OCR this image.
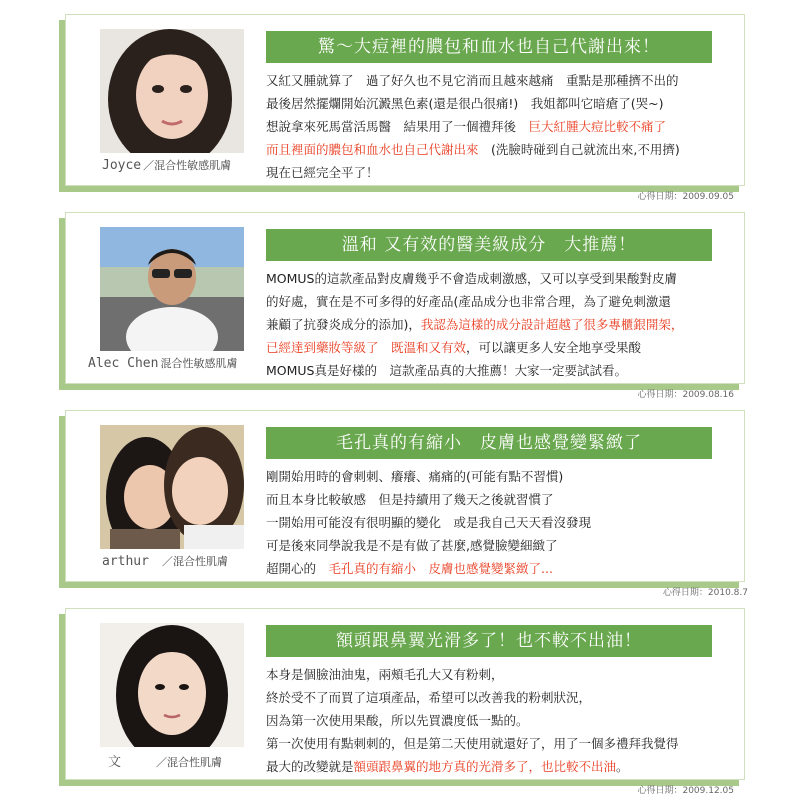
Joyce ／混合性敏感肌膚
驚～大痘裡的膿包和血水也自己代謝出來！
又紅又腫就算了　過了好久也不見它消而且越來越痛　重點是那種擠不出的
最後居然擺爛開始沉澱黑色素(還是很凸很痛!)　我姐都叫它暗瘡了(哭~)
想說拿來死馬當活馬醫　結果用了一個禮拜後　巨大紅腫大痘比較不痛了
而且裡面的膿包和血水也自己代謝出來　(洗臉時碰到自己就流出來,不用擠)
現在已經完全平了！
心得日期：2009.09.05
Alec Chen 混合性敏感肌膚
溫和 又有效的醫美級成分　大推薦！
MOMUS的這款產品對皮膚幾乎不會造成刺激感，又可以享受到果酸對皮膚
的好處，實在是不可多得的好產品(產品成分也非常合理，為了避免刺激還
兼顧了抗發炎成分的添加)，我認為這樣的成分設計超越了很多專櫃銀開架，
已經達到藥妝等級了　既溫和又有效，可以讓更多人安全地享受果酸
MOMUS真是好樣的　這款產品真的大推薦！大家一定要試試看。
心得日期：2009.08.16
arthur　 ／混合性肌膚
毛孔真的有縮小　皮膚也感覺變緊緻了
剛開始用時的會刺刺、癢癢、痛痛的(可能有點不習慣)
而且本身比較敏感　但是持續用了幾天之後就習慣了
一開始用可能沒有很明顯的變化　或是我自己天天看沒發現
可是後來同學說我是不是有做了甚麼,感覺臉變細緻了
超開心的　毛孔真的有縮小　皮膚也感覺變緊緻了...
心得日期：2010.8.7
文　　　	／混合性肌膚
額頭跟鼻翼光滑多了！也不較不出油！
本身是個臉油油鬼，兩頰毛孔大又有粉刺，
終於受不了而買了這項產品，希望可以改善我的粉刺狀況，
因為第一次使用果酸，所以先買濃度低一點的。
第一次使用有點刺刺的，但是第二天使用就還好了，用了一個多禮拜我覺得
最大的改變就是額頭跟鼻翼的地方真的光滑多了，也比較不出油。
心得日期：2009.12.05
